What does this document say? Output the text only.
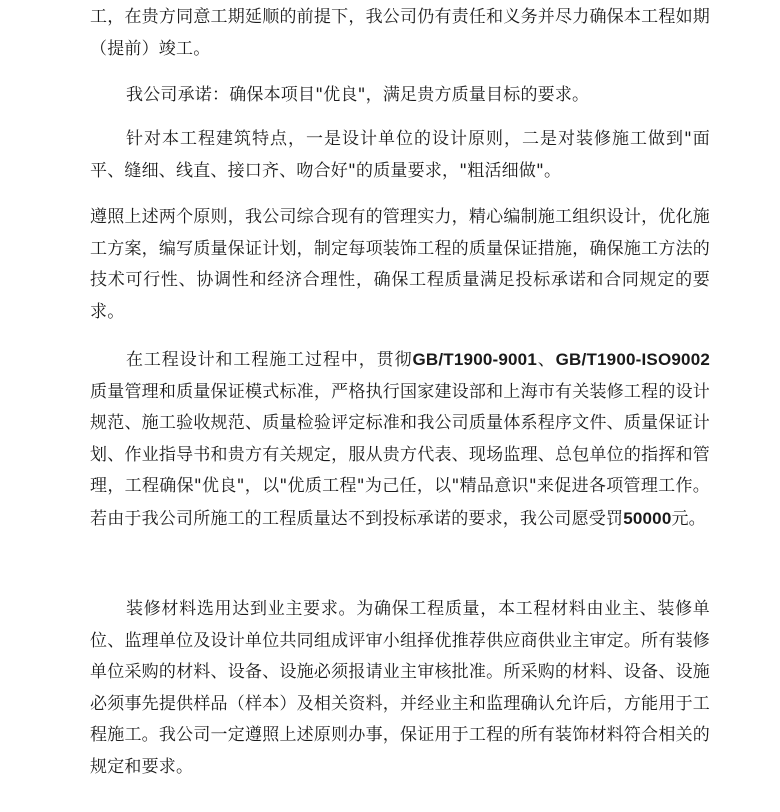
工，在贵方同意工期延顺的前提下，我公司仍有责任和义务并尽力确保本工程如期（提前）竣工。

我公司承诺：确保本项目"优良"，满足贵方质量目标的要求。

针对本工程建筑特点，一是设计单位的设计原则，二是对装修施工做到"面平、缝细、线直、接口齐、吻合好"的质量要求，"粗活细做"。

遵照上述两个原则，我公司综合现有的管理实力，精心编制施工组织设计，优化施工方案，编写质量保证计划，制定每项装饰工程的质量保证措施，确保施工方法的技术可行性、协调性和经济合理性，确保工程质量满足投标承诺和合同规定的要求。

在工程设计和工程施工过程中，贯彻GB/T1900-9001、GB/T1900-ISO9002质量管理和质量保证模式标准，严格执行国家建设部和上海市有关装修工程的设计规范、施工验收规范、质量检验评定标准和我公司质量体系程序文件、质量保证计划、作业指导书和贵方有关规定，服从贵方代表、现场监理、总包单位的指挥和管理，工程确保"优良"，以"优质工程"为己任，以"精品意识"来促进各项管理工作。若由于我公司所施工的工程质量达不到投标承诺的要求，我公司愿受罚50000元。

装修材料选用达到业主要求。为确保工程质量，本工程材料由业主、装修单位、监理单位及设计单位共同组成评审小组择优推荐供应商供业主审定。所有装修单位采购的材料、设备、设施必须报请业主审核批准。所采购的材料、设备、设施必须事先提供样品（样本）及相关资料，并经业主和监理确认允许后，方能用于工程施工。我公司一定遵照上述原则办事，保证用于工程的所有装饰材料符合相关的规定和要求。
